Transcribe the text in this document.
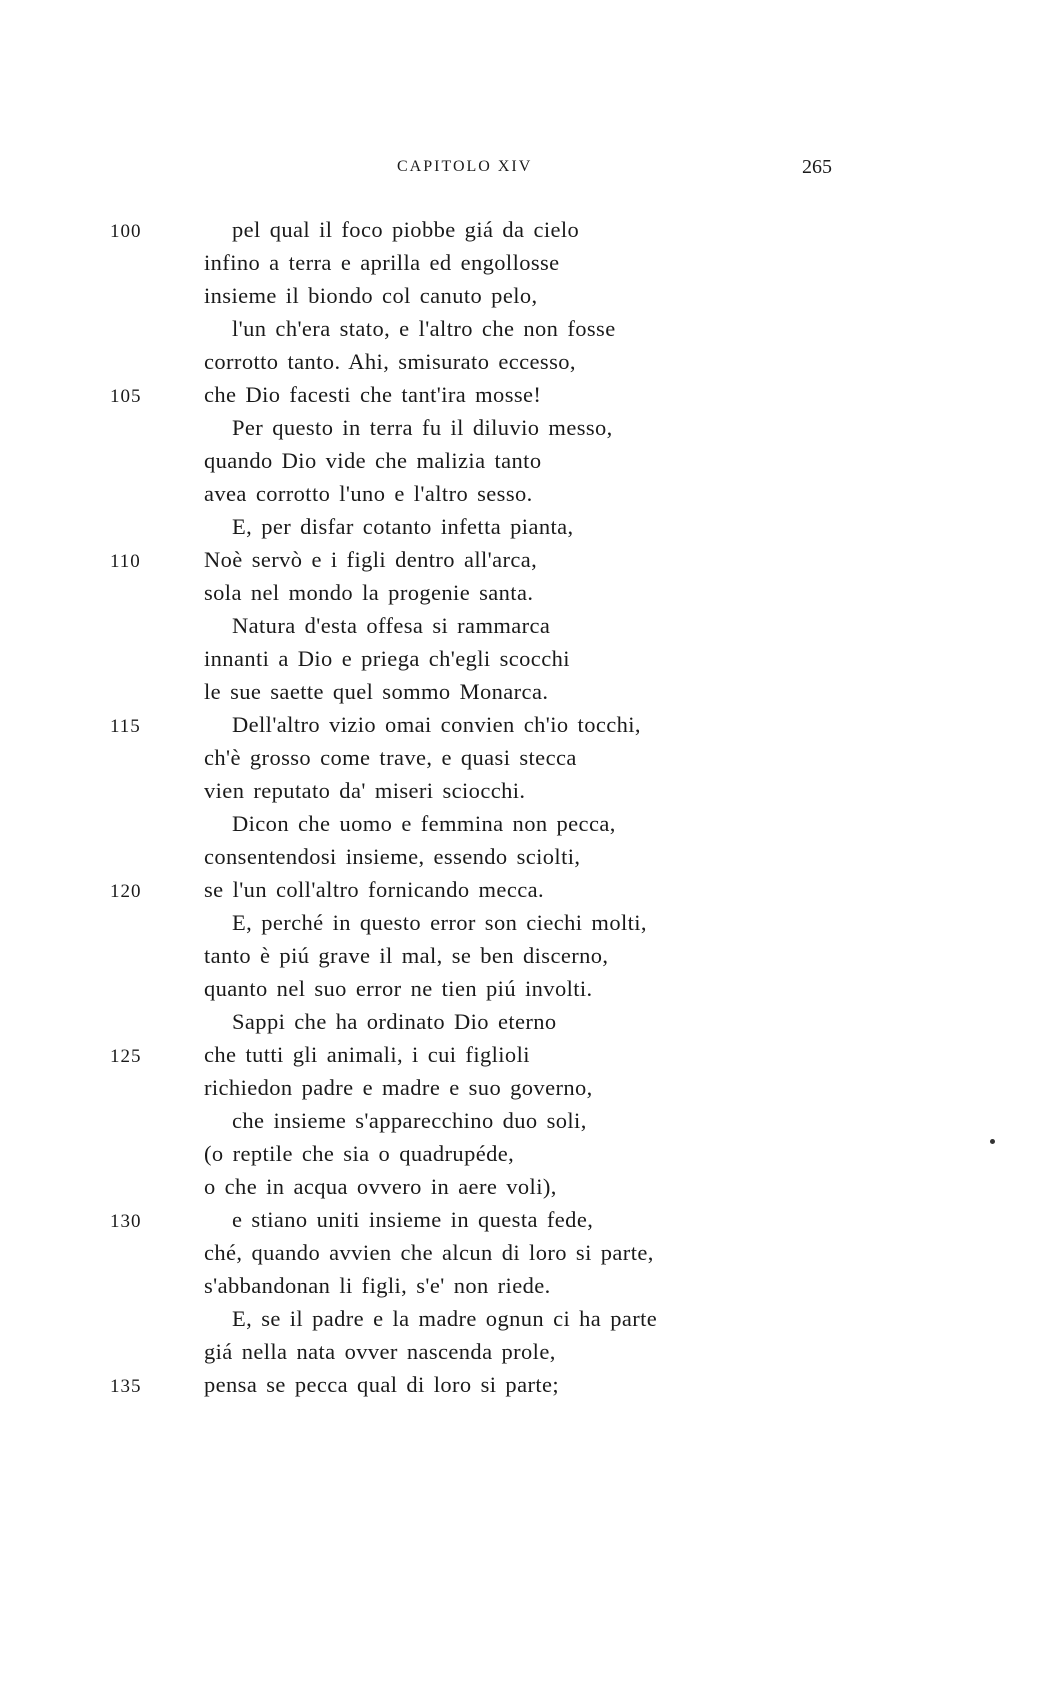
CAPITOLO XIV	265
100	pel qual il foco piobbe giá da cielo
infino a terra e aprilla ed engollosse
insieme il biondo col canuto pelo,
l'un ch'era stato, e l'altro che non fosse
corrotto tanto. Ahi, smisurato eccesso,
105	che Dio facesti che tant'ira mosse!
Per questo in terra fu il diluvio messo,
quando Dio vide che malizia tanto
avea corrotto l'uno e l'altro sesso.
E, per disfar cotanto infetta pianta,
110	Noè servò e i figli dentro all'arca,
sola nel mondo la progenie santa.
Natura d'esta offesa si rammarca
innanti a Dio e priega ch'egli scocchi
le sue saette quel sommo Monarca.
115	Dell'altro vizio omai convien ch'io tocchi,
ch'è grosso come trave, e quasi stecca
vien reputato da' miseri sciocchi.
Dicon che uomo e femmina non pecca,
consentendosi insieme, essendo sciolti,
120	se l'un coll'altro fornicando mecca.
E, perché in questo error son ciechi molti,
tanto è piú grave il mal, se ben discerno,
quanto nel suo error ne tien piú involti.
Sappi che ha ordinato Dio eterno
125	che tutti gli animali, i cui figlioli
richiedon padre e madre e suo governo,
che insieme s'apparecchino duo soli,
(o reptile che sia o quadrupéde,
o che in acqua ovvero in aere voli),
130	e stiano uniti insieme in questa fede,
ché, quando avvien che alcun di loro si parte,
s'abbandonan li figli, s'e' non riede.
E, se il padre e la madre ognun ci ha parte
giá nella nata ovver nascenda prole,
135	pensa se pecca qual di loro si parte;
